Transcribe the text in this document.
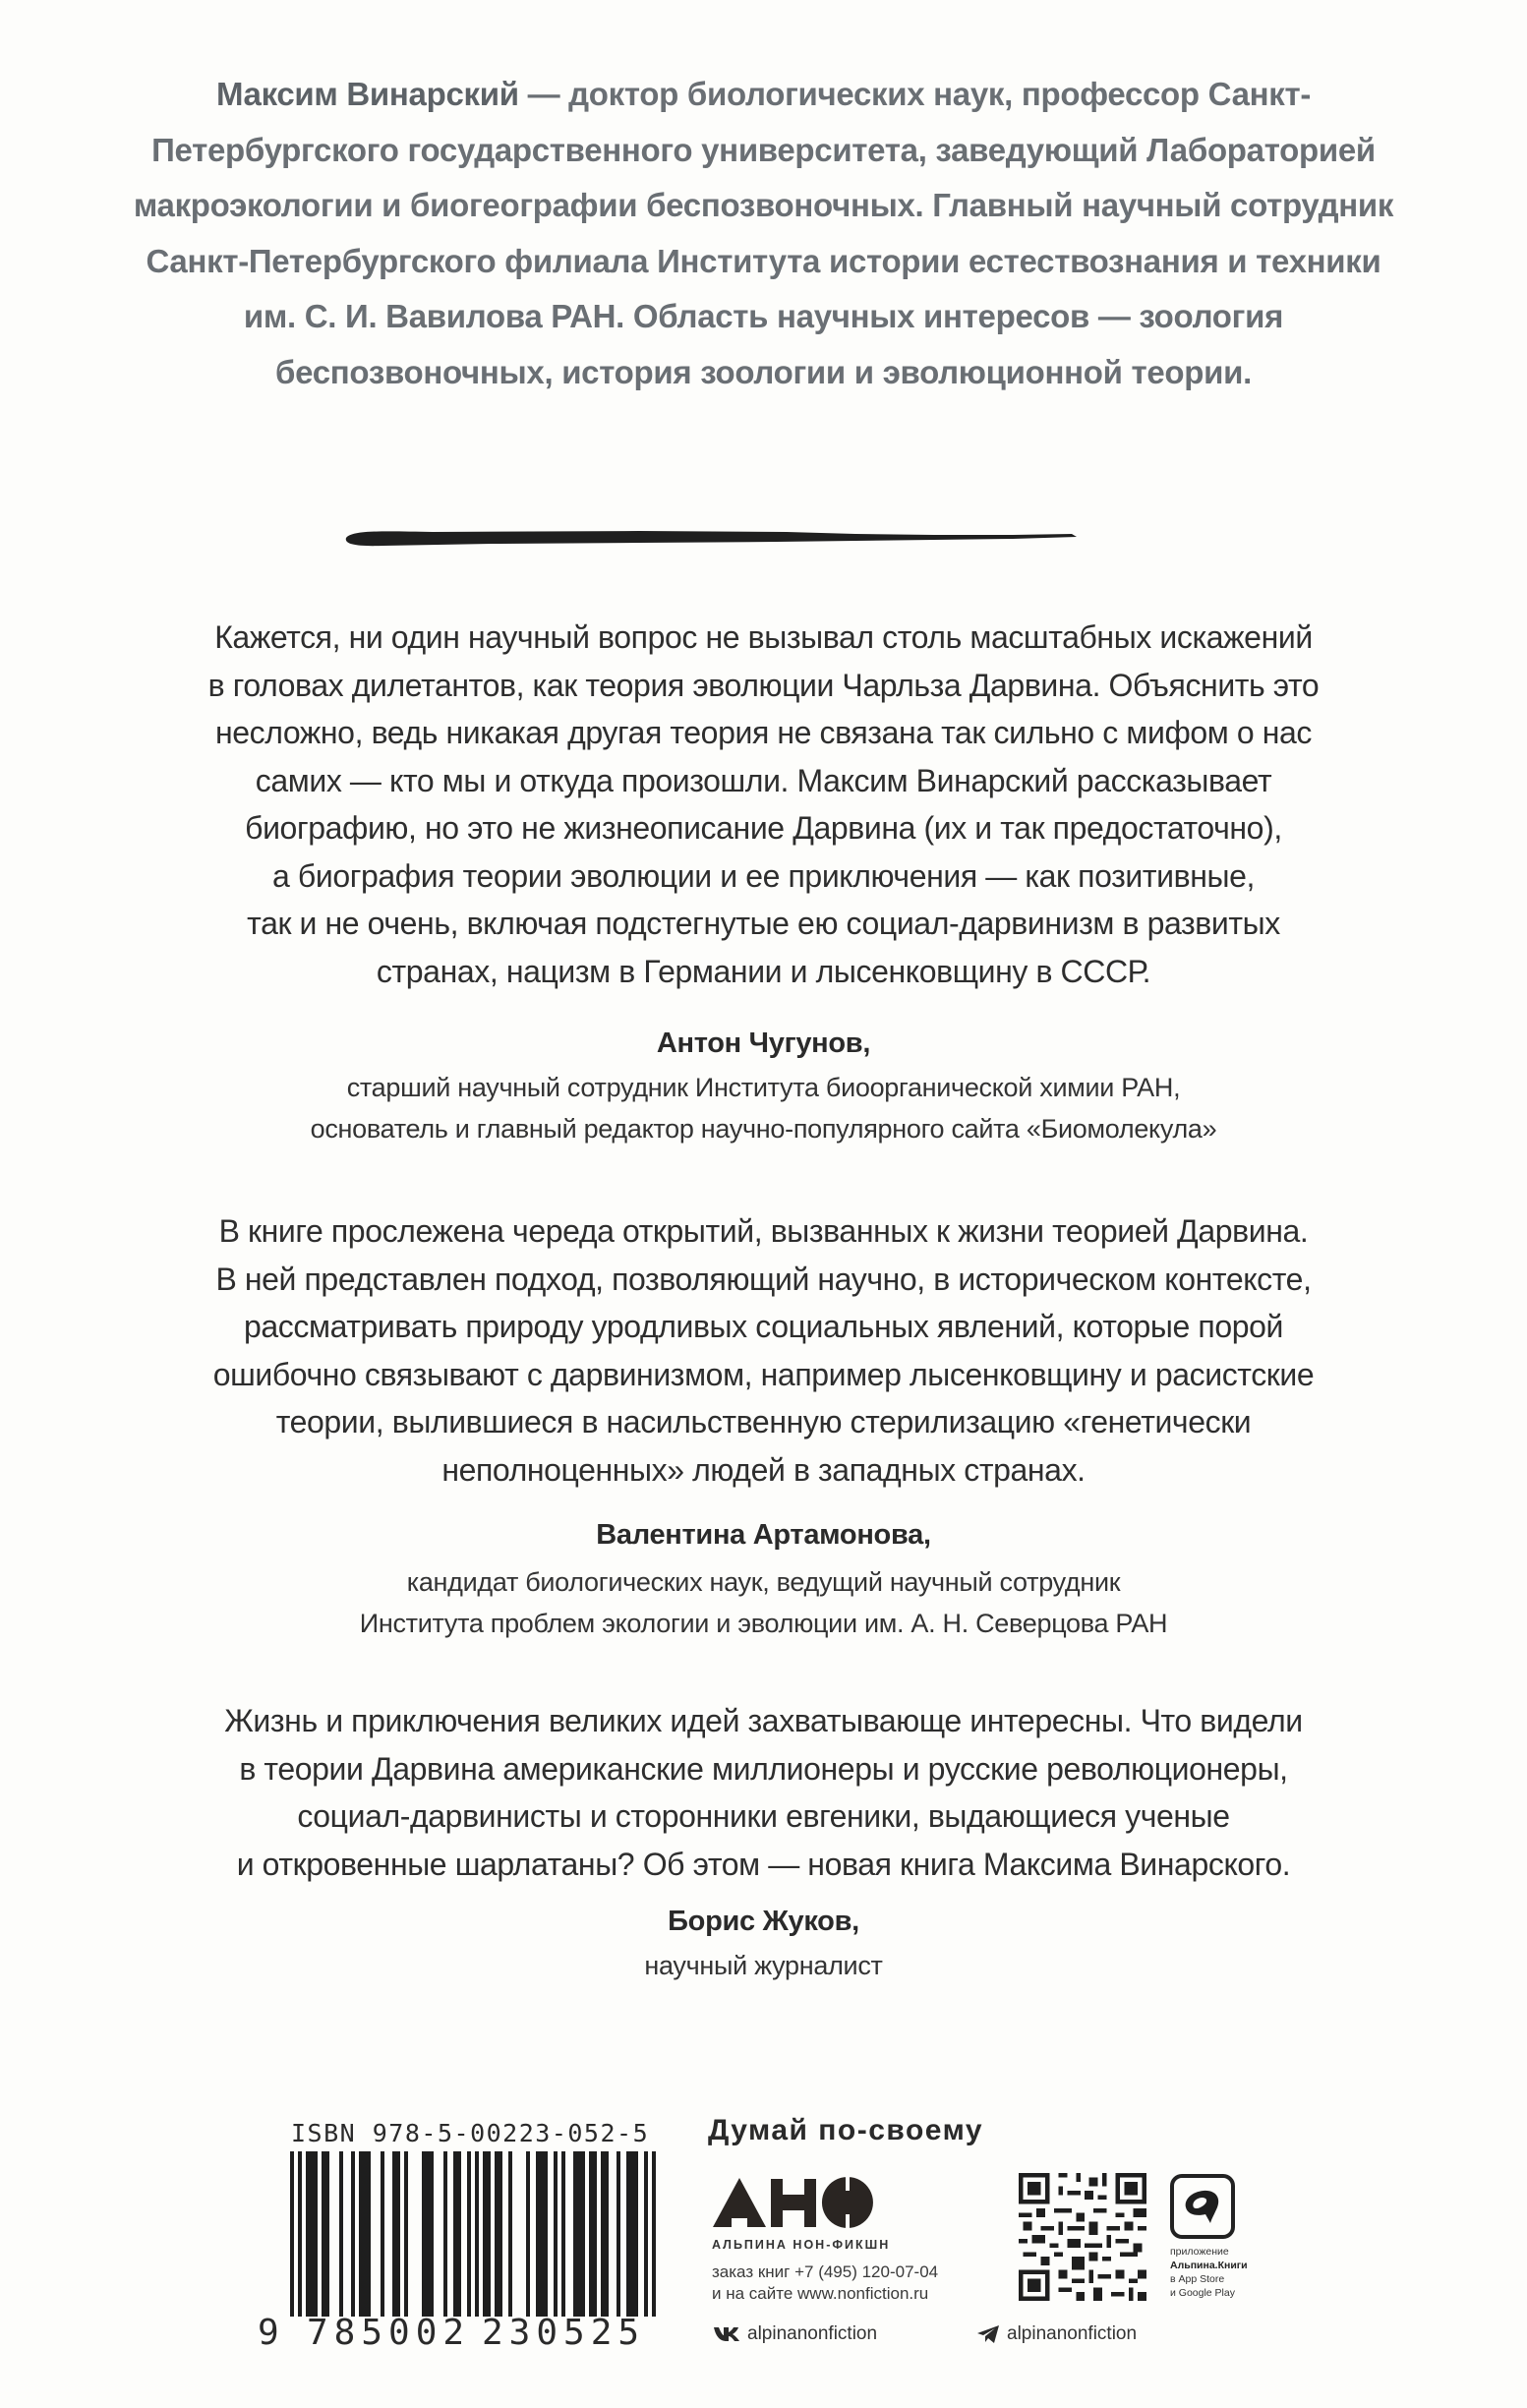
Максим Винарский — доктор биологических наук, профессор Санкт-Петербургского государственного университета, заведующий Лабораторией макроэкологии и биогеографии беспозвоночных. Главный научный сотрудник Санкт-Петербургского филиала Института истории естествознания и техники им. С. И. Вавилова РАН. Область научных интересов — зоология беспозвоночных, история зоологии и эволюционной теории.
Кажется, ни один научный вопрос не вызывал столь масштабных искажений
в головах дилетантов, как теория эволюции Чарльза Дарвина. Объяснить это
несложно, ведь никакая другая теория не связана так сильно с мифом о нас
самих — кто мы и откуда произошли. Максим Винарский рассказывает
биографию, но это не жизнеописание Дарвина (их и так предостаточно),
а биография теории эволюции и ее приключения — как позитивные,
так и не очень, включая подстегнутые ею социал-дарвинизм в развитых
странах, нацизм в Германии и лысенковщину в СССР.
Антон Чугунов,
старший научный сотрудник Института биоорганической химии РАН,
основатель и главный редактор научно-популярного сайта «Биомолекула»
В книге прослежена череда открытий, вызванных к жизни теорией Дарвина.
В ней представлен подход, позволяющий научно, в историческом контексте,
рассматривать природу уродливых социальных явлений, которые порой
ошибочно связывают с дарвинизмом, например лысенковщину и расистские
теории, вылившиеся в насильственную стерилизацию «генетически
неполноценных» людей в западных странах.
Валентина Артамонова,
кандидат биологических наук, ведущий научный сотрудник
Института проблем экологии и эволюции им. А. Н. Северцова РАН
Жизнь и приключения великих идей захватывающе интересны. Что видели
в теории Дарвина американские миллионеры и русские революционеры,
социал-дарвинисты и сторонники евгеники, выдающиеся ученые
и откровенные шарлатаны? Об этом — новая книга Максима Винарского.
Борис Жуков,
научный журналист
ISBN 978-5-00223-052-5
9 785002 230525
Думай по-своему
АЛЬПИНА НОН-ФИКШН
заказ книг +7 (495) 120-07-04
и на сайте www.nonfiction.ru
alpinanonfiction	alpinanonfiction
приложение
Альпина.Книги
в App Store
и Google Play
